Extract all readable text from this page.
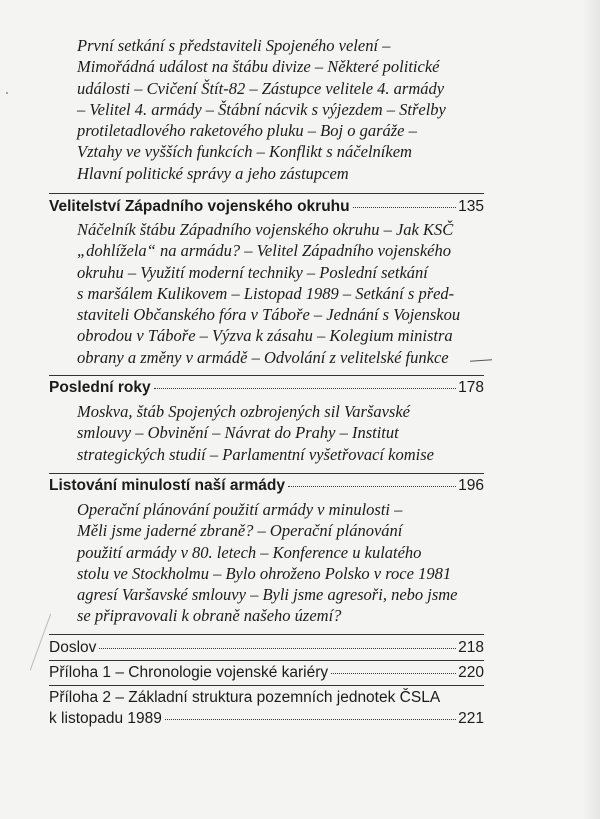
První setkání s představiteli Spojeného velení –
Mimořádná událost na štábu divize – Některé politické
události – Cvičení Štít-82 – Zástupce velitele 4. armády
– Velitel 4. armády – Štábní nácvik s výjezdem – Střelby
protiletadlového raketového pluku – Boj o garáže –
Vztahy ve vyšších funkcích – Konflikt s náčelníkem
Hlavní politické správy a jeho zástupcem
Velitelství Západního vojenského okruhu	135
Náčelník štábu Západního vojenského okruhu – Jak KSČ
„dohlížela“ na armádu? – Velitel Západního vojenského
okruhu – Využití moderní techniky – Poslední setkání
s maršálem Kulikovem – Listopad 1989 – Setkání s před-
staviteli Občanského fóra v Táboře – Jednání s Vojenskou
obrodou v Táboře – Výzva k zásahu – Kolegium ministra
obrany a změny v armádě – Odvolání z velitelské funkce
Poslední roky	178
Moskva, štáb Spojených ozbrojených sil Varšavské
smlouvy – Obvinění – Návrat do Prahy – Institut
strategických studií – Parlamentní vyšetřovací komise
Listování minulostí naší armády	196
Operační plánování použití armády v minulosti –
Měli jsme jaderné zbraně? – Operační plánování
použití armády v 80. letech – Konference u kulatého
stolu ve Stockholmu – Bylo ohroženo Polsko v roce 1981
agresí Varšavské smlouvy – Byli jsme agresoři, nebo jsme
se připravovali k obraně našeho území?
Doslov	218
Příloha 1 – Chronologie vojenské kariéry	220
Příloha 2 – Základní struktura pozemních jednotek ČSLA
k listopadu 1989	221
